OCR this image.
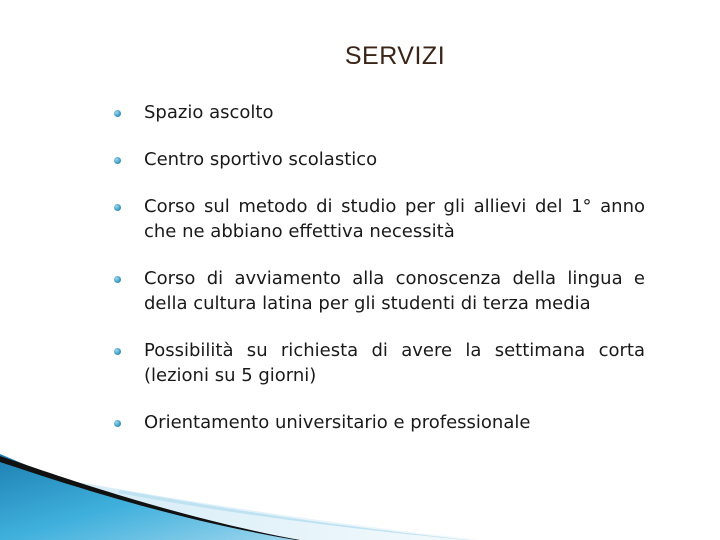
SERVIZI
Spazio ascolto
Centro sportivo scolastico
Corso sul metodo di studio per gli allievi del 1° anno che ne abbiano effettiva necessità
Corso di avviamento alla conoscenza della lingua e della cultura latina per gli studenti di terza media
Possibilità su richiesta di avere la settimana corta (lezioni su 5 giorni)
Orientamento universitario e professionale
